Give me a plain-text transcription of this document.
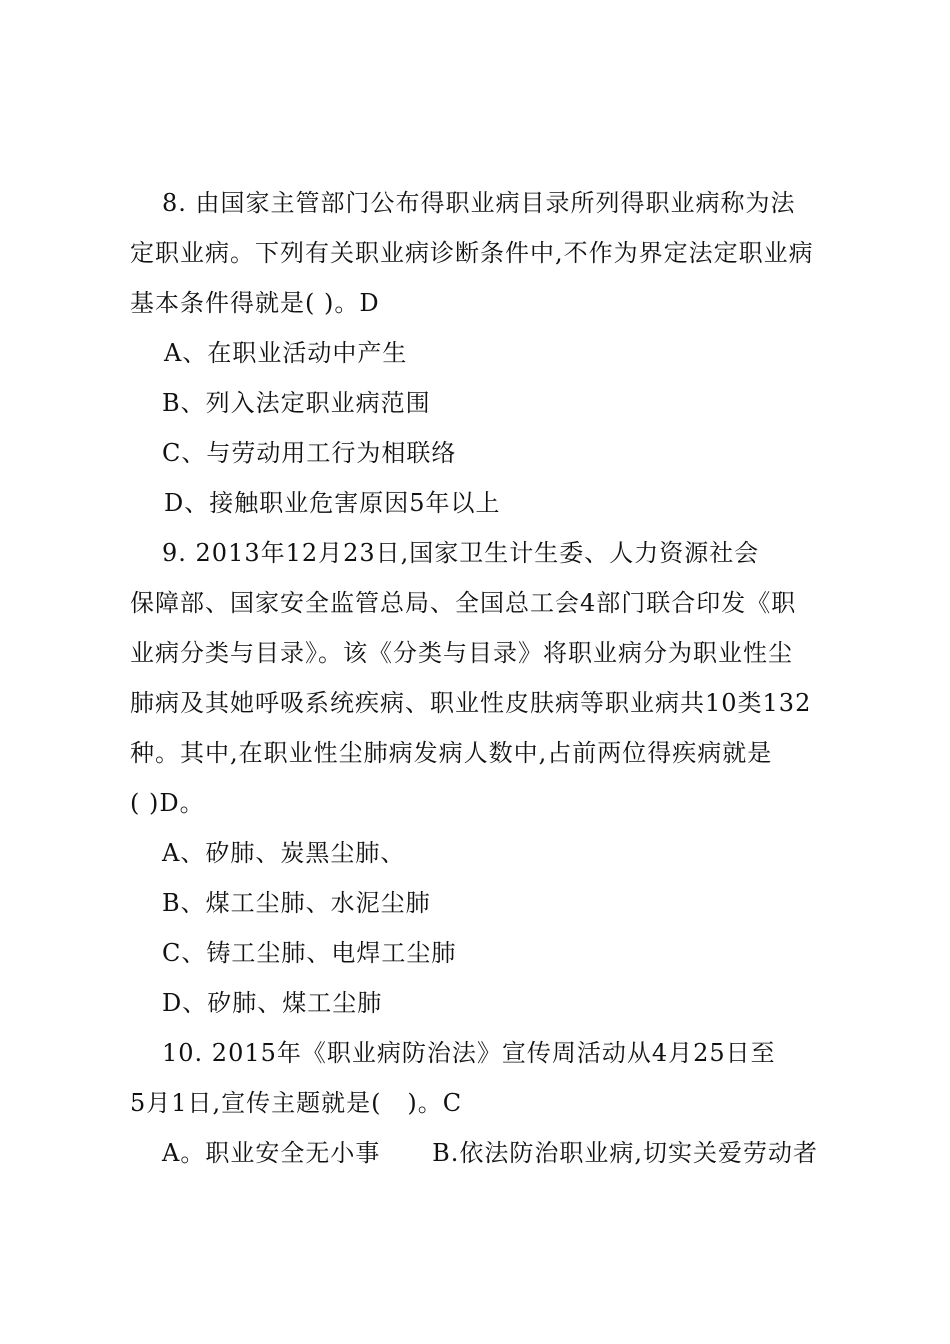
8. 由国家主管部门公布得职业病目录所列得职业病称为法
定职业病。下列有关职业病诊断条件中,不作为界定法定职业病
基本条件得就是( )。D
A、在职业活动中产生
B、列入法定职业病范围
C、与劳动用工行为相联络
D、接触职业危害原因5年以上
9. 2013年12月23日,国家卫生计生委、人力资源社会
保障部、国家安全监管总局、全国总工会4部门联合印发《职
业病分类与目录》。该《分类与目录》将职业病分为职业性尘
肺病及其她呼吸系统疾病、职业性皮肤病等职业病共10类132
种。其中,在职业性尘肺病发病人数中,占前两位得疾病就是
( )D。
A、矽肺、炭黑尘肺、
B、煤工尘肺、水泥尘肺
C、铸工尘肺、电焊工尘肺
D、矽肺、煤工尘肺
10. 2015年《职业病防治法》宣传周活动从4月25日至
5月1日,宣传主题就是(   )。C
A。职业安全无小事      B.依法防治职业病,切实关爱劳动者
